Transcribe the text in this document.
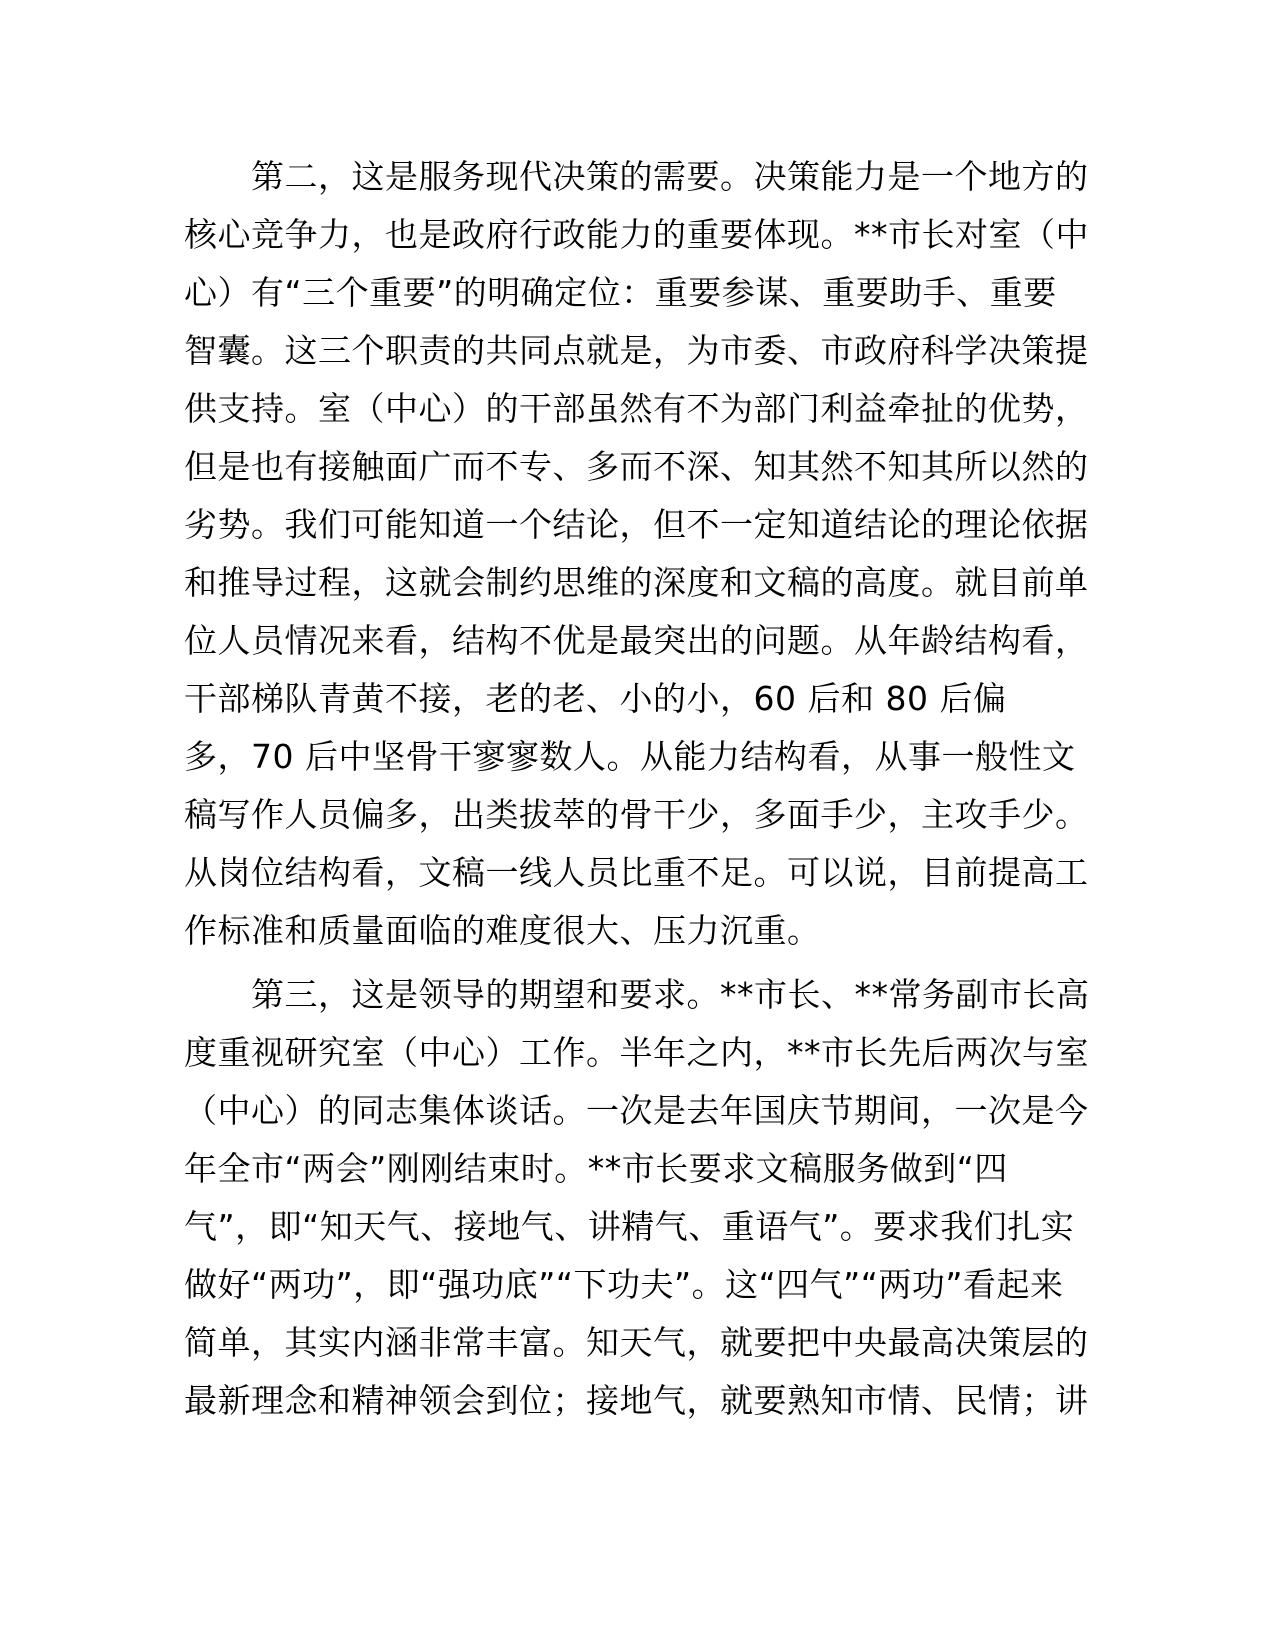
　　第二，这是服务现代决策的需要。决策能力是一个地方的
核心竞争力，也是政府行政能力的重要体现。**市长对室（中
心）有“三个重要”的明确定位：重要参谋、重要助手、重要
智囊。这三个职责的共同点就是，为市委、市政府科学决策提
供支持。室（中心）的干部虽然有不为部门利益牵扯的优势，
但是也有接触面广而不专、多而不深、知其然不知其所以然的
劣势。我们可能知道一个结论，但不一定知道结论的理论依据
和推导过程，这就会制约思维的深度和文稿的高度。就目前单
位人员情况来看，结构不优是最突出的问题。从年龄结构看，
干部梯队青黄不接，老的老、小的小，60 后和 80 后偏
多，70 后中坚骨干寥寥数人。从能力结构看，从事一般性文
稿写作人员偏多，出类拔萃的骨干少，多面手少，主攻手少。
从岗位结构看，文稿一线人员比重不足。可以说，目前提高工
作标准和质量面临的难度很大、压力沉重。
　　第三，这是领导的期望和要求。**市长、**常务副市长高
度重视研究室（中心）工作。半年之内，**市长先后两次与室
（中心）的同志集体谈话。一次是去年国庆节期间，一次是今
年全市“两会”刚刚结束时。**市长要求文稿服务做到“四
气”，即“知天气、接地气、讲精气、重语气”。要求我们扎实
做好“两功”，即“强功底”“下功夫”。这“四气”“两功”看起来
简单，其实内涵非常丰富。知天气，就要把中央最高决策层的
最新理念和精神领会到位；接地气，就要熟知市情、民情；讲
